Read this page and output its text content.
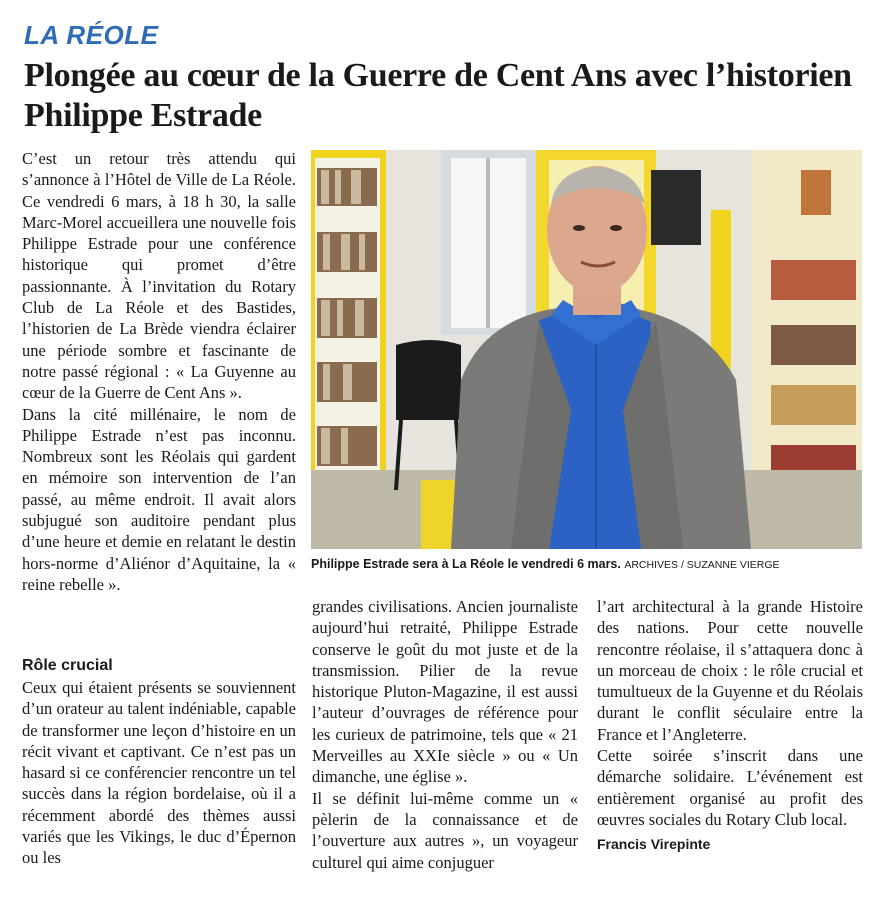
LA RÉOLE
Plongée au cœur de la Guerre de Cent Ans avec l’historien Philippe Estrade

C’est un retour très attendu qui s’annonce à l’Hôtel de Ville de La Réole. Ce vendredi 6 mars, à 18 h 30, la salle Marc-Morel accueillera une nouvelle fois Philippe Estrade pour une conférence historique qui promet d’être passionnante. À l’invitation du Rotary Club de La Réole et des Bastides, l’historien de La Brède viendra éclairer une période sombre et fascinante de notre passé régional : « La Guyenne au cœur de la Guerre de Cent Ans ».

Dans la cité millénaire, le nom de Philippe Estrade n’est pas inconnu. Nombreux sont les Réolais qui gardent en mémoire son intervention de l’an passé, au même endroit. Il avait alors subjugué son auditoire pendant plus d’une heure et demie en relatant le destin hors-norme d’Aliénor d’Aquitaine, la « reine rebelle ».

Rôle crucial

Ceux qui étaient présents se souviennent d’un orateur au talent indéniable, capable de transformer une leçon d’histoire en un récit vivant et captivant. Ce n’est pas un hasard si ce conférencier rencontre un tel succès dans la région bordelaise, où il a récemment abordé des thèmes aussi variés que les Vikings, le duc d’Épernon ou les

Philippe Estrade sera à La Réole le vendredi 6 mars. ARCHIVES / SUZANNE VIERGE

grandes civilisations. Ancien journaliste aujourd’hui retraité, Philippe Estrade conserve le goût du mot juste et de la transmission. Pilier de la revue historique Pluton-Magazine, il est aussi l’auteur d’ouvrages de référence pour les curieux de patrimoine, tels que « 21 Merveilles au XXIe siècle » ou « Un dimanche, une église ».

Il se définit lui-même comme un « pèlerin de la connaissance et de l’ouverture aux autres », un voyageur culturel qui aime conjuguer

l’art architectural à la grande Histoire des nations. Pour cette nouvelle rencontre réolaise, il s’attaquera donc à un morceau de choix : le rôle crucial et tumultueux de la Guyenne et du Réolais durant le conflit séculaire entre la France et l’Angleterre.

Cette soirée s’inscrit dans une démarche solidaire. L’événement est entièrement organisé au profit des œuvres sociales du Rotary Club local.

Francis Virepinte
